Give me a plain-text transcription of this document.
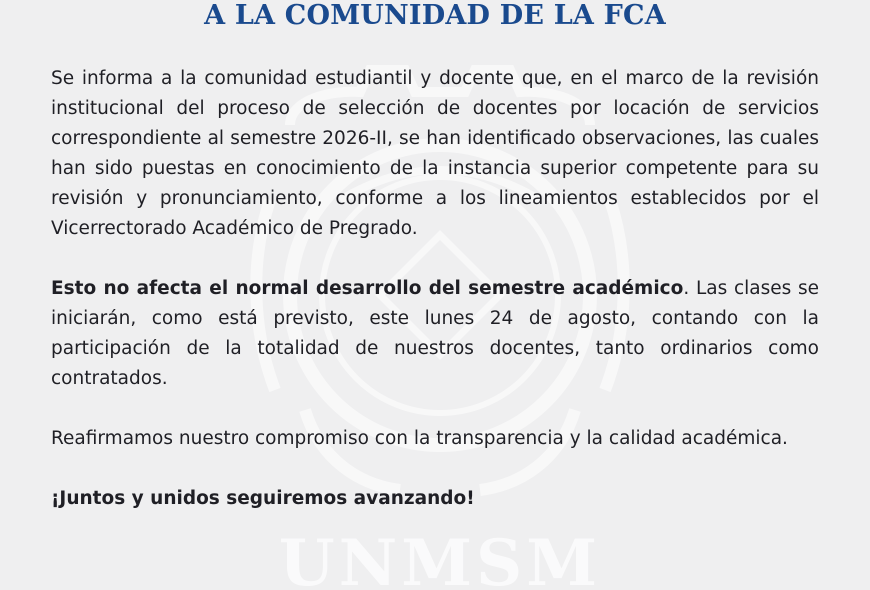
UNMSM
A LA COMUNIDAD DE LA FCA

Se informa a la comunidad estudiantil y docente que, en el marco de la revisión institucional del proceso de selección de docentes por locación de servicios correspondiente al semestre 2026-II, se han identificado observaciones, las cuales han sido puestas en conocimiento de la instancia superior competente para su revisión y pronunciamiento, conforme a los lineamientos establecidos por el Vicerrectorado Académico de Pregrado.

Esto no afecta el normal desarrollo del semestre académico. Las clases se iniciarán, como está previsto, este lunes 24 de agosto, contando con la participación de la totalidad de nuestros docentes, tanto ordinarios como contratados.

Reafirmamos nuestro compromiso con la transparencia y la calidad académica.

¡Juntos y unidos seguiremos avanzando!
